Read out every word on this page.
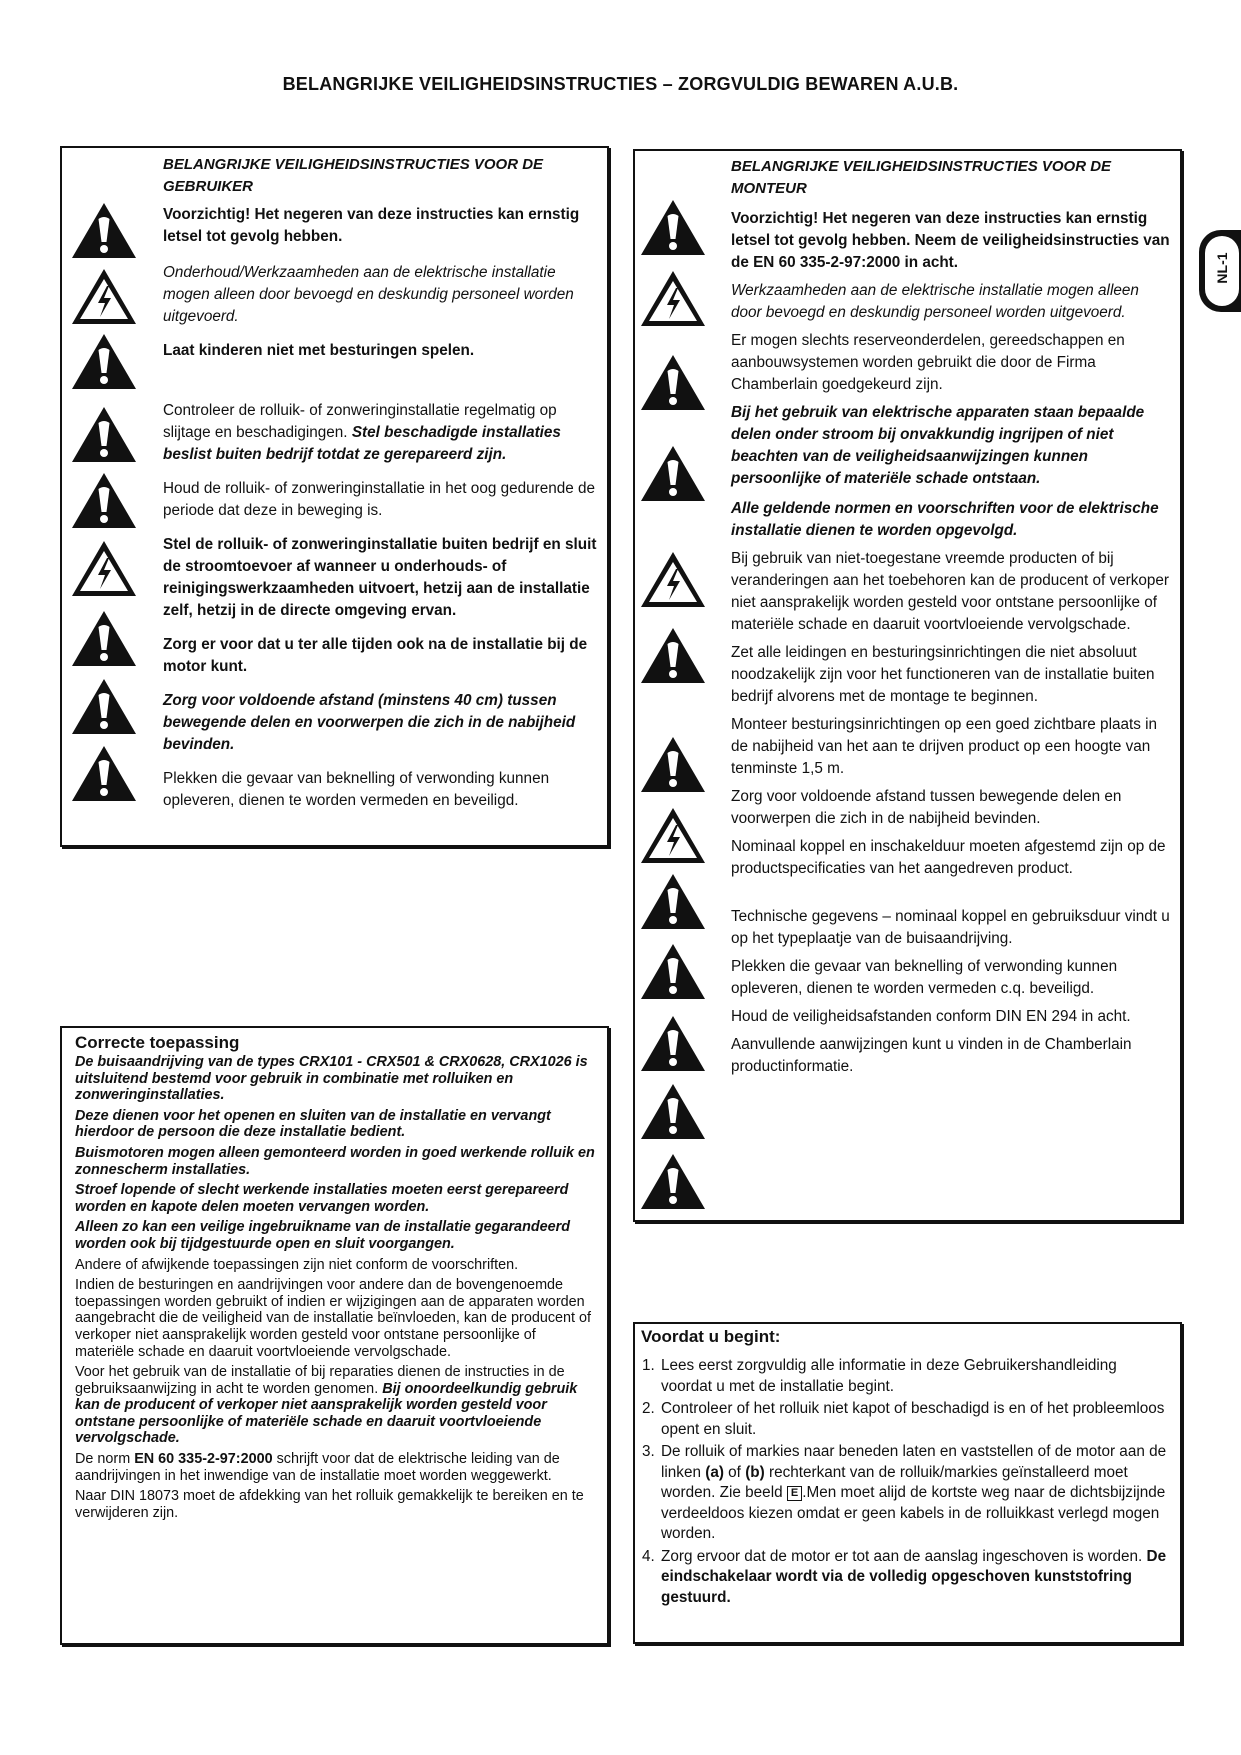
BELANGRIJKE VEILIGHEIDSINSTRUCTIES – ZORGVULDIG BEWAREN A.U.B.
NL-1
BELANGRIJKE VEILIGHEIDSINSTRUCTIES VOOR DE GEBRUIKER
Voorzichtig! Het negeren van deze instructies kan ernstig letsel tot gevolg hebben.
Onderhoud/Werkzaamheden aan de elektrische installatie mogen alleen door bevoegd en deskundig personeel worden uitgevoerd.
Laat kinderen niet met besturingen spelen.
Controleer de rolluik- of zonweringinstallatie regelmatig op slijtage en beschadigingen. Stel beschadigde installaties beslist buiten bedrijf totdat ze gerepareerd zijn.
Houd de rolluik- of zonweringinstallatie in het oog gedurende de periode dat deze in beweging is.
Stel de rolluik- of zonweringinstallatie buiten bedrijf en sluit de stroomtoevoer af wanneer u onderhouds- of reinigingswerkzaamheden uitvoert, hetzij aan de installatie zelf, hetzij in de directe omgeving ervan.
Zorg er voor dat u ter alle tijden ook na de installatie bij de motor kunt.
Zorg voor voldoende afstand (minstens 40 cm) tussen bewegende delen en voorwerpen die zich in de nabijheid bevinden.
Plekken die gevaar van beknelling of verwonding kunnen opleveren, dienen te worden vermeden en beveiligd.
BELANGRIJKE VEILIGHEIDSINSTRUCTIES VOOR DE MONTEUR
Voorzichtig! Het negeren van deze instructies kan ernstig letsel tot gevolg hebben. Neem de veiligheidsinstructies van de EN 60 335-2-97:2000 in acht.
Werkzaamheden aan de elektrische installatie mogen alleen door bevoegd en deskundig personeel worden uitgevoerd.
Er mogen slechts reserveonderdelen, gereedschappen en aanbouwsystemen worden gebruikt die door de Firma Chamberlain goedgekeurd zijn.
Bij het gebruik van elektrische apparaten staan bepaalde delen onder stroom bij onvakkundig ingrijpen of niet beachten van de veiligheidsaanwijzingen kunnen persoonlijke of materiële schade ontstaan.
Alle geldende normen en voorschriften voor de elektrische installatie dienen te worden opgevolgd.
Bij gebruik van niet-toegestane vreemde producten of bij veranderingen aan het toebehoren kan de producent of verkoper niet aansprakelijk worden gesteld voor ontstane persoonlijke of materiële schade en daaruit voortvloeiende vervolgschade.
Zet alle leidingen en besturingsinrichtingen die niet absoluut noodzakelijk zijn voor het functioneren van de installatie buiten bedrijf alvorens met de montage te beginnen.
Monteer besturingsinrichtingen op een goed zichtbare plaats in de nabijheid van het aan te drijven product op een hoogte van tenminste 1,5 m.
Zorg voor voldoende afstand tussen bewegende delen en voorwerpen die zich in de nabijheid bevinden.
Nominaal koppel en inschakelduur moeten afgestemd zijn op de productspecificaties van het aangedreven product.
Technische gegevens – nominaal koppel en gebruiksduur vindt u op het typeplaatje van de buisaandrijving.
Plekken die gevaar van beknelling of verwonding kunnen opleveren, dienen te worden vermeden c.q. beveiligd.
Houd de veiligheidsafstanden conform DIN EN 294 in acht.
Aanvullende aanwijzingen kunt u vinden in de Chamberlain productinformatie.
Correcte toepassing

De buisaandrijving van de types CRX101 - CRX501 & CRX0628, CRX1026 is uitsluitend bestemd voor gebruik in combinatie met rolluiken en zonweringinstallaties.

Deze dienen voor het openen en sluiten van de installatie en vervangt hierdoor de persoon die deze installatie bedient.

Buismotoren mogen alleen gemonteerd worden in goed werkende rolluik en zonnescherm installaties.

Stroef lopende of slecht werkende installaties moeten eerst gerepareerd worden en kapote delen moeten vervangen worden.

Alleen zo kan een veilige ingebruikname van de installatie gegarandeerd worden ook bij tijdgestuurde open en sluit voorgangen.

Andere of afwijkende toepassingen zijn niet conform de voorschriften.

Indien de besturingen en aandrijvingen voor andere dan de bovengenoemde toepassingen worden gebruikt of indien er wijzigingen aan de apparaten worden aangebracht die de veiligheid van de installatie beïnvloeden, kan de producent of verkoper niet aansprakelijk worden gesteld voor ontstane persoonlijke of materiële schade en daaruit voortvloeiende vervolgschade.

Voor het gebruik van de installatie of bij reparaties dienen de instructies in de gebruiksaanwijzing in acht te worden genomen. Bij onoordeelkundig gebruik kan de producent of verkoper niet aansprakelijk worden gesteld voor ontstane persoonlijke of materiële schade en daaruit voortvloeiende vervolgschade.

De norm EN 60 335-2-97:2000 schrijft voor dat de elektrische leiding van de aandrijvingen in het inwendige van de installatie moet worden weggewerkt.

Naar DIN 18073 moet de afdekking van het rolluik gemakkelijk te bereiken en te verwijderen zijn.

Voordat u begint:
1. Lees eerst zorgvuldig alle informatie in deze Gebruikershandleiding voordat u met de installatie begint.
2. Controleer of het rolluik niet kapot of beschadigd is en of het probleemloos opent en sluit.
3. De rolluik of markies naar beneden laten en vaststellen of de motor aan de linken (a) of (b) rechterkant van de rolluik/markies geïnstalleerd moet worden. Zie beeld E .Men moet alijd de kortste weg naar de dichtsbijzijnde verdeeldoos kiezen omdat er geen kabels in de rolluikkast verlegd mogen worden.
4. Zorg ervoor dat de motor er tot aan de aanslag ingeschoven is worden. De eindschakelaar wordt via de volledig opgeschoven kunststofring gestuurd.
